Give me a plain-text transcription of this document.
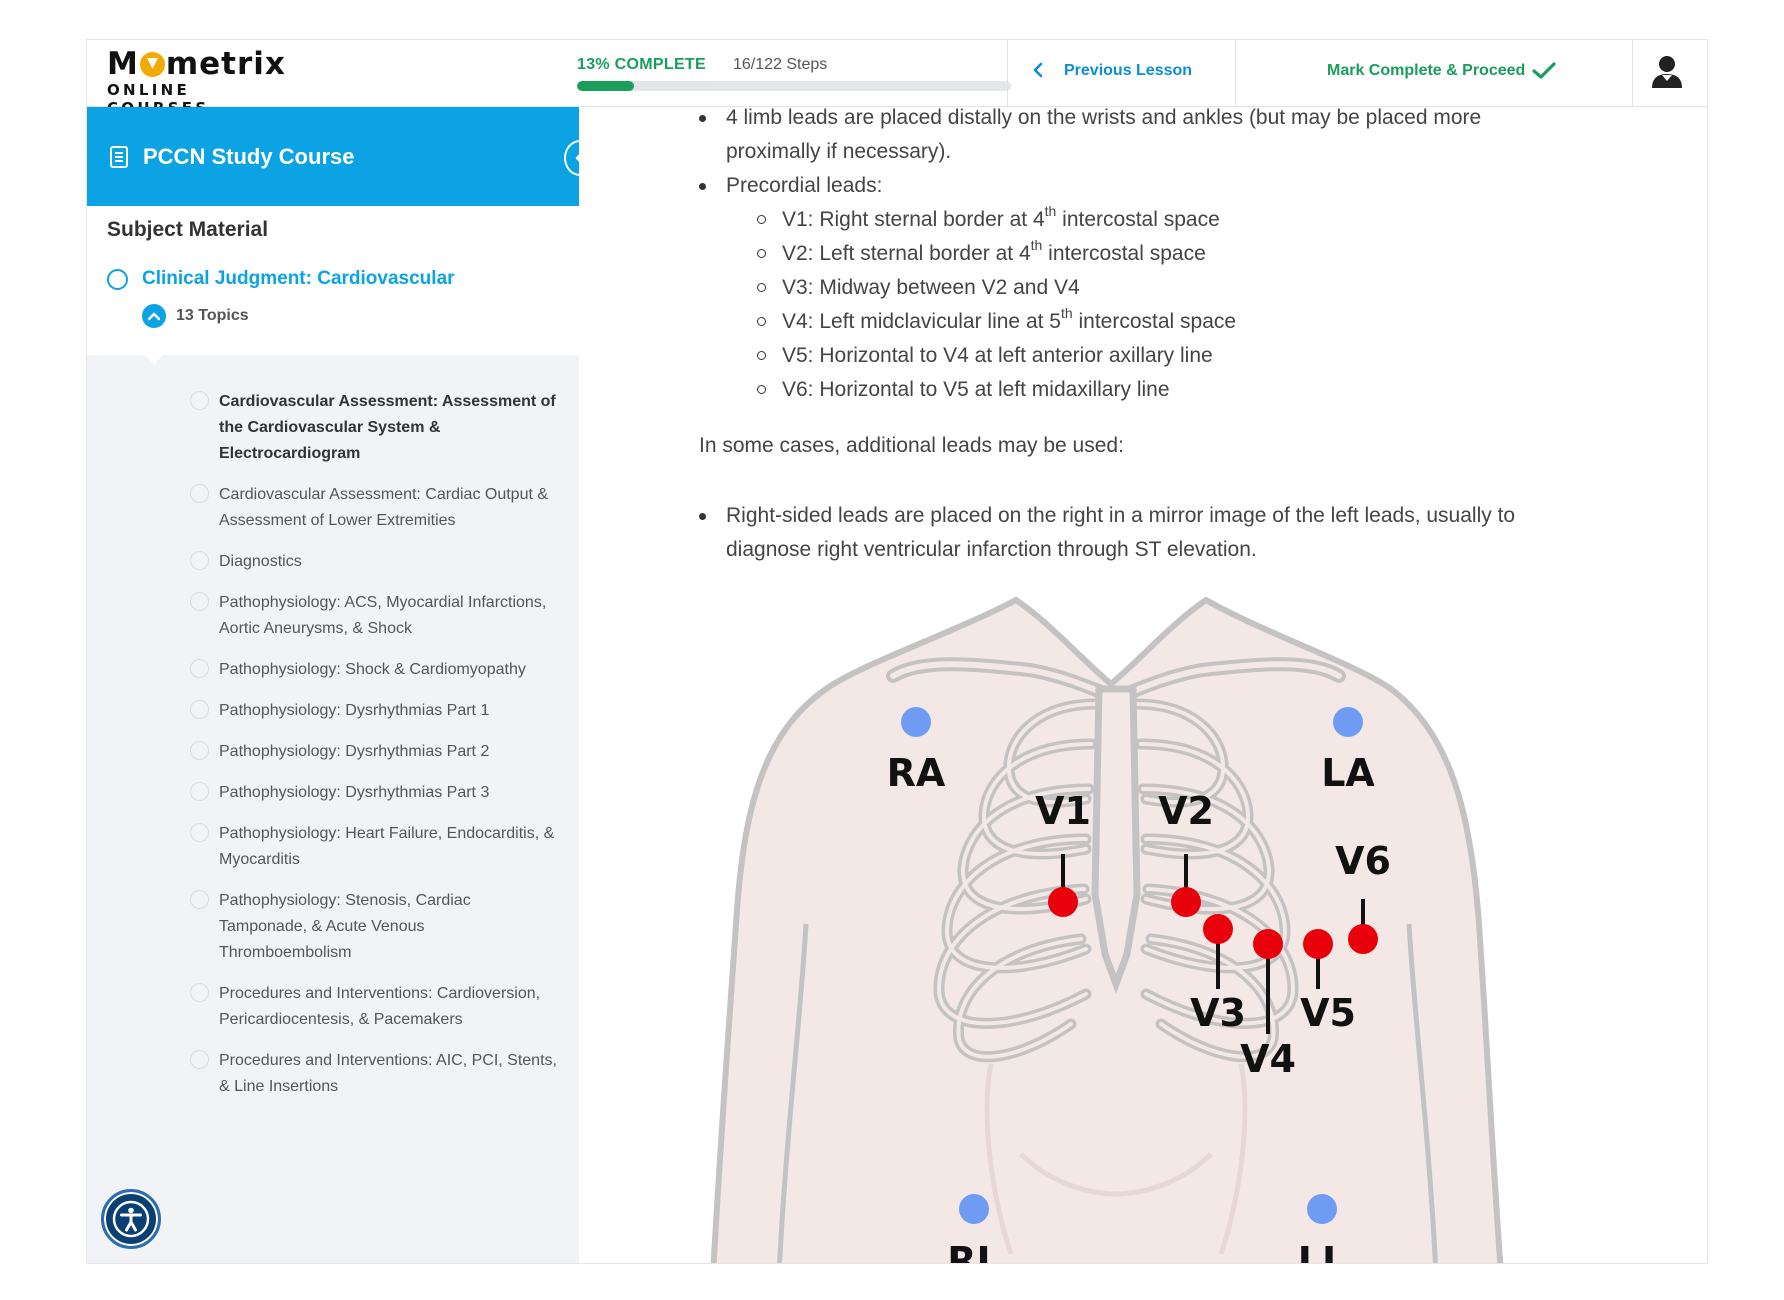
M metrix
ONLINE
13% COMPLETE 16/122 Steps	Previous Lesson	Mark Complete & Proceed
PCCN Study Course
Subject Material
Clinical Judgment: Cardiovascular
13 Topics
Cardiovascular Assessment: Assessment of the Cardiovascular System & Electrocardiogram
Cardiovascular Assessment: Cardiac Output & Assessment of Lower Extremities
Diagnostics
Pathophysiology: ACS, Myocardial Infarctions, Aortic Aneurysms, & Shock
Pathophysiology: Shock & Cardiomyopathy
Pathophysiology: Dysrhythmias Part 1
Pathophysiology: Dysrhythmias Part 2
Pathophysiology: Dysrhythmias Part 3
Pathophysiology: Heart Failure, Endocarditis, & Myocarditis
Pathophysiology: Stenosis, Cardiac Tamponade, & Acute Venous Thromboembolism
Procedures and Interventions: Cardioversion, Pericardiocentesis, & Pacemakers
Procedures and Interventions: AIC, PCI, Stents, & Line Insertions
4 limb leads are placed distally on the wrists and ankles (but may be placed more proximally if necessary).
Precordial leads:
V1: Right sternal border at 4th intercostal space
V2: Left sternal border at 4th intercostal space
V3: Midway between V2 and V4
V4: Left midclavicular line at 5th intercostal space
V5: Horizontal to V4 at left anterior axillary line
V6: Horizontal to V5 at left midaxillary line
In some cases, additional leads may be used:
Right-sided leads are placed on the right in a mirror image of the left leads, usually to diagnose right ventricular infarction through ST elevation.
RA	LA
V1 V2
V6
V3 V5
V4
RL	LL
